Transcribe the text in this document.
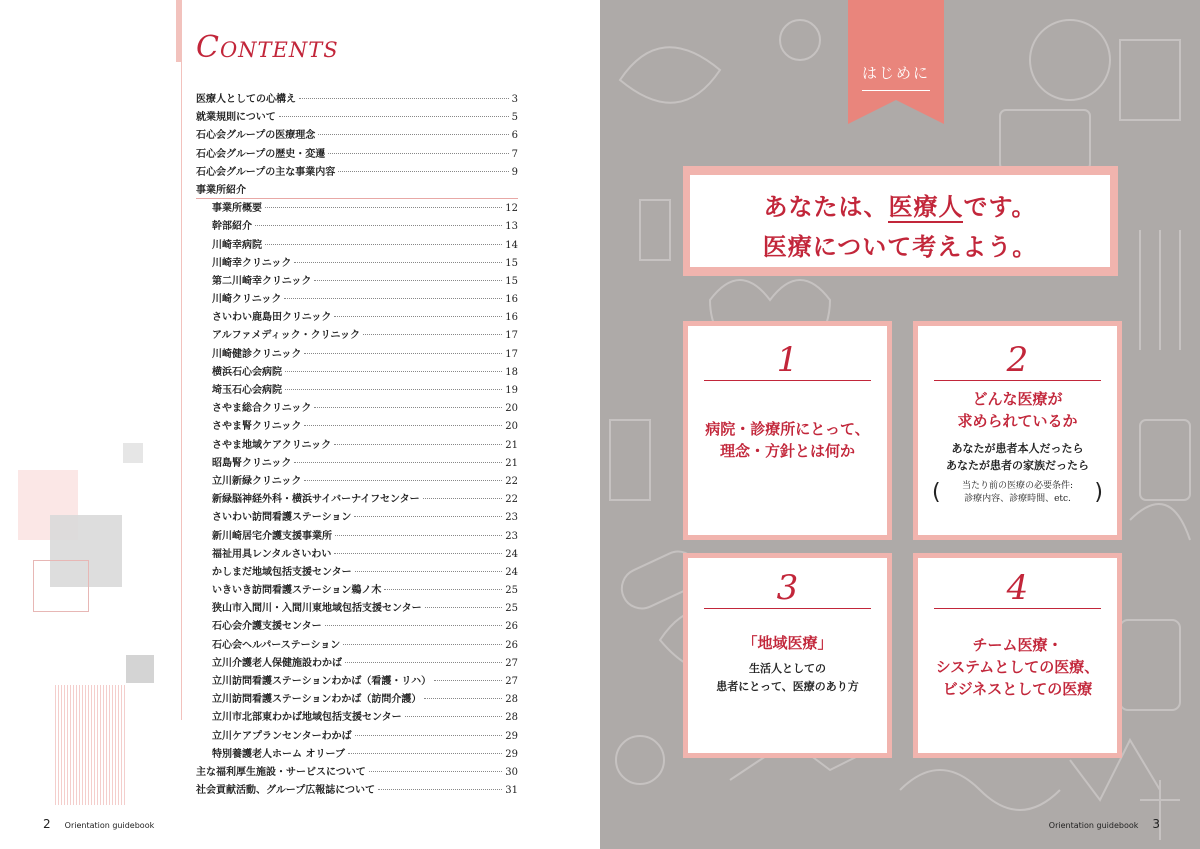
Contents
医療人としての心構え	3
就業規則について	5
石心会グループの医療理念	6
石心会グループの歴史・変遷	7
石心会グループの主な事業内容	9
事業所紹介
事業所概要	12
幹部紹介	13
川崎幸病院	14
川崎幸クリニック	15
第二川崎幸クリニック	15
川崎クリニック	16
さいわい鹿島田クリニック	16
アルファメディック・クリニック	17
川崎健診クリニック	17
横浜石心会病院	18
埼玉石心会病院	19
さやま総合クリニック	20
さやま腎クリニック	20
さやま地域ケアクリニック	21
昭島腎クリニック	21
立川新緑クリニック	22
新緑脳神経外科・横浜サイバーナイフセンター	22
さいわい訪問看護ステーション	23
新川崎居宅介護支援事業所	23
福祉用具レンタルさいわい	24
かしまだ地域包括支援センター	24
いきいき訪問看護ステーション鵜ノ木	25
狭山市入間川・入間川東地域包括支援センター	25
石心会介護支援センター	26
石心会ヘルパーステーション	26
立川介護老人保健施設わかば	27
立川訪問看護ステーションわかば（看護・リハ）	27
立川訪問看護ステーションわかば（訪問介護）	28
立川市北部東わかば地域包括支援センター	28
立川ケアプランセンターわかば	29
特別養護老人ホーム オリーブ	29
主な福利厚生施設・サービスについて	30
社会貢献活動、グループ広報誌について	31
2 Orientation guidebook
はじめに
あなたは、医療人です。
医療について考えよう。
1
病院・診療所にとって、
理念・方針とは何か
2
どんな医療が
求められているか
あなたが患者本人だったら
あなたが患者の家族だったら
(	当たり前の医療の必要条件:
診療内容、診療時間、etc.	)
3
「地域医療」
生活人としての
患者にとって、医療のあり方
4
チーム医療・
システムとしての医療、
ビジネスとしての医療
Orientation guidebook 3
